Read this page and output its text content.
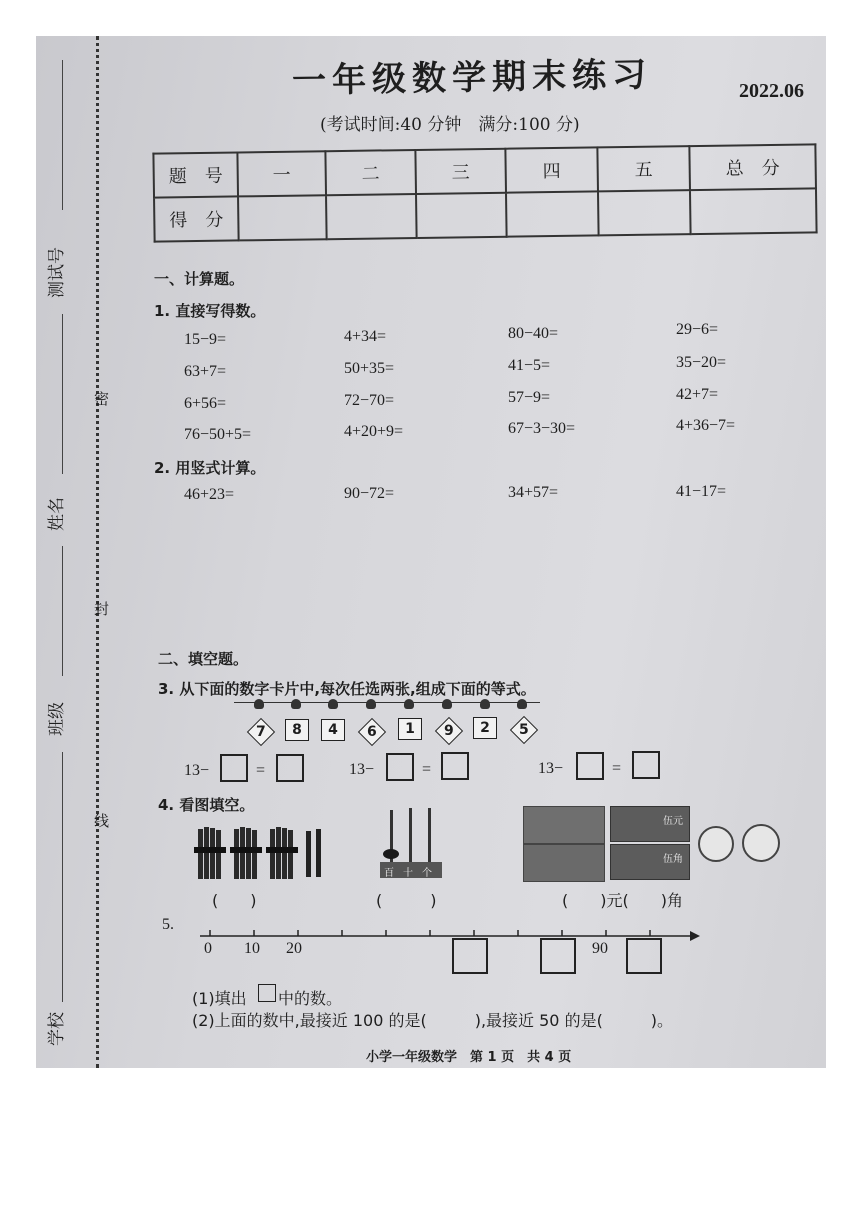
测试号
姓名
班级
学校
密
封
线
一年级数学期末练习	2022.06
(考试时间:40 分钟　满分:100 分)
题　号	一	二	三	四	五	总　分
得　分						
一、计算题。
1. 直接写得数。
15−9=	4+34=	80−40=	29−6=
63+7=	50+35=	41−5=	35−20=
6+56=	72−70=	57−9=	42+7=
76−50+5=	4+20+9=	67−3−30=	4+36−7=
2. 用竖式计算。
46+23=	90−72=	34+57=	41−17=
二、填空题。
3. 从下面的数字卡片中,每次任选两张,组成下面的等式。
7	8	4	6	1	9	2	5
13−	=	13−	=	13−	=
4. 看图填空。
(　　)
百 十 个
(　　　)
伍元
伍角
(　　)元(　　)角
5.
0 10 20	90
(1)填出 中的数。
(2)上面的数中,最接近 100 的是(　　　),最接近 50 的是(　　　)。
小学一年级数学　第 1 页　共 4 页
